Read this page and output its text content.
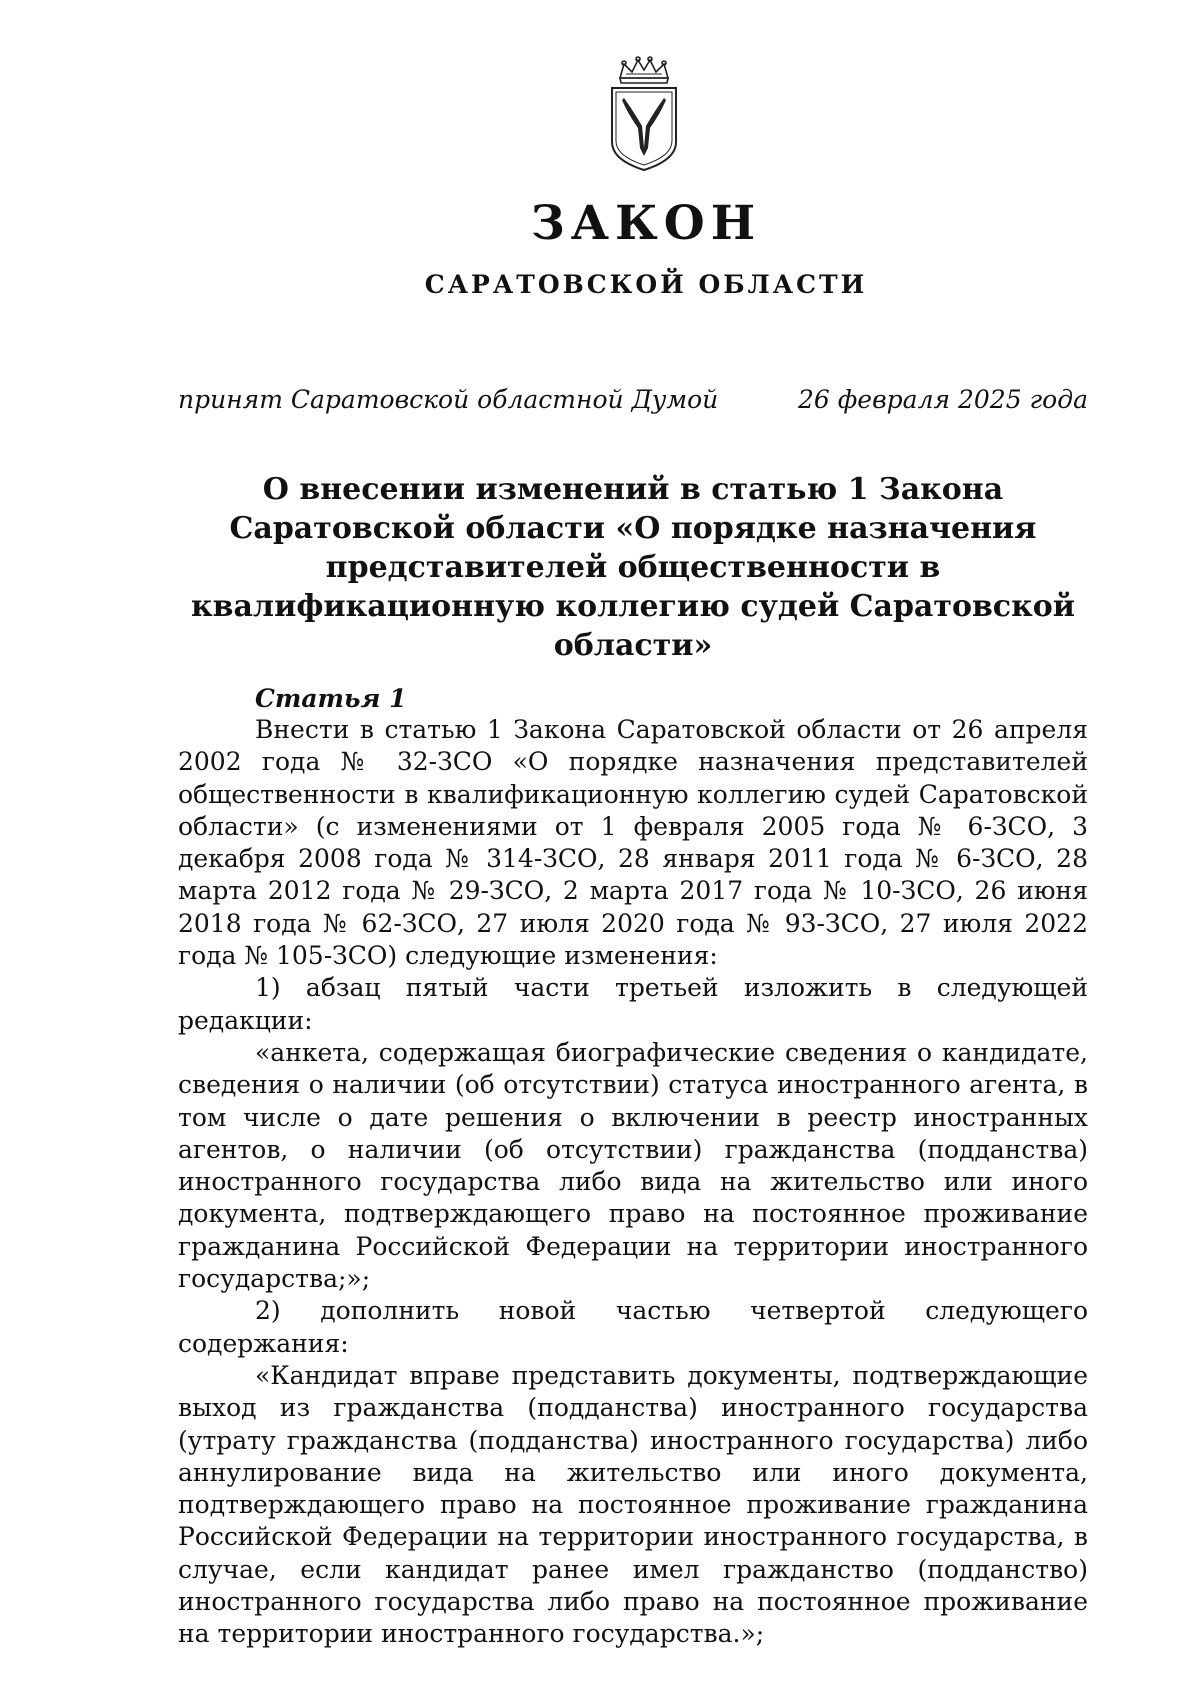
ЗАКОН
САРАТОВСКОЙ ОБЛАСТИ
принят Саратовской областной Думой	26 февраля 2025 года
О внесении изменений в статью 1 Закона Саратовской области «О порядке назначения представителей общественности в квалификационную коллегию судей Саратовской области»
Статья 1

Внести в статью 1 Закона Саратовской области от 26 апреля 2002 года № 32-ЗСО «О порядке назначения представителей общественности в квалификационную коллегию судей Саратовской области» (с изменениями от 1 февраля 2005 года № 6-ЗСО, 3 декабря 2008 года № 314-ЗСО, 28 января 2011 года № 6-ЗСО, 28 марта 2012 года № 29-ЗСО, 2 марта 2017 года № 10-ЗСО, 26 июня 2018 года № 62-ЗСО, 27 июля 2020 года № 93-ЗСО, 27 июля 2022 года № 105-ЗСО) следующие изменения:

1) абзац пятый части третьей изложить в следующей редакции:

«анкета, содержащая биографические сведения о кандидате, сведения о наличии (об отсутствии) статуса иностранного агента, в том числе о дате решения о включении в реестр иностранных агентов, о наличии (об отсутствии) гражданства (подданства) иностранного государства либо вида на жительство или иного документа, подтверждающего право на постоянное проживание гражданина Российской Федерации на территории иностранного государства;»;

2) дополнить новой частью четвертой следующего содержания:

«Кандидат вправе представить документы, подтверждающие выход из гражданства (подданства) иностранного государства (утрату гражданства (подданства) иностранного государства) либо аннулирование вида на жительство или иного документа, подтверждающего право на постоянное проживание гражданина Российской Федерации на территории иностранного государства, в случае, если кандидат ранее имел гражданство (подданство) иностранного государства либо право на постоянное проживание на территории иностранного государства.»;
